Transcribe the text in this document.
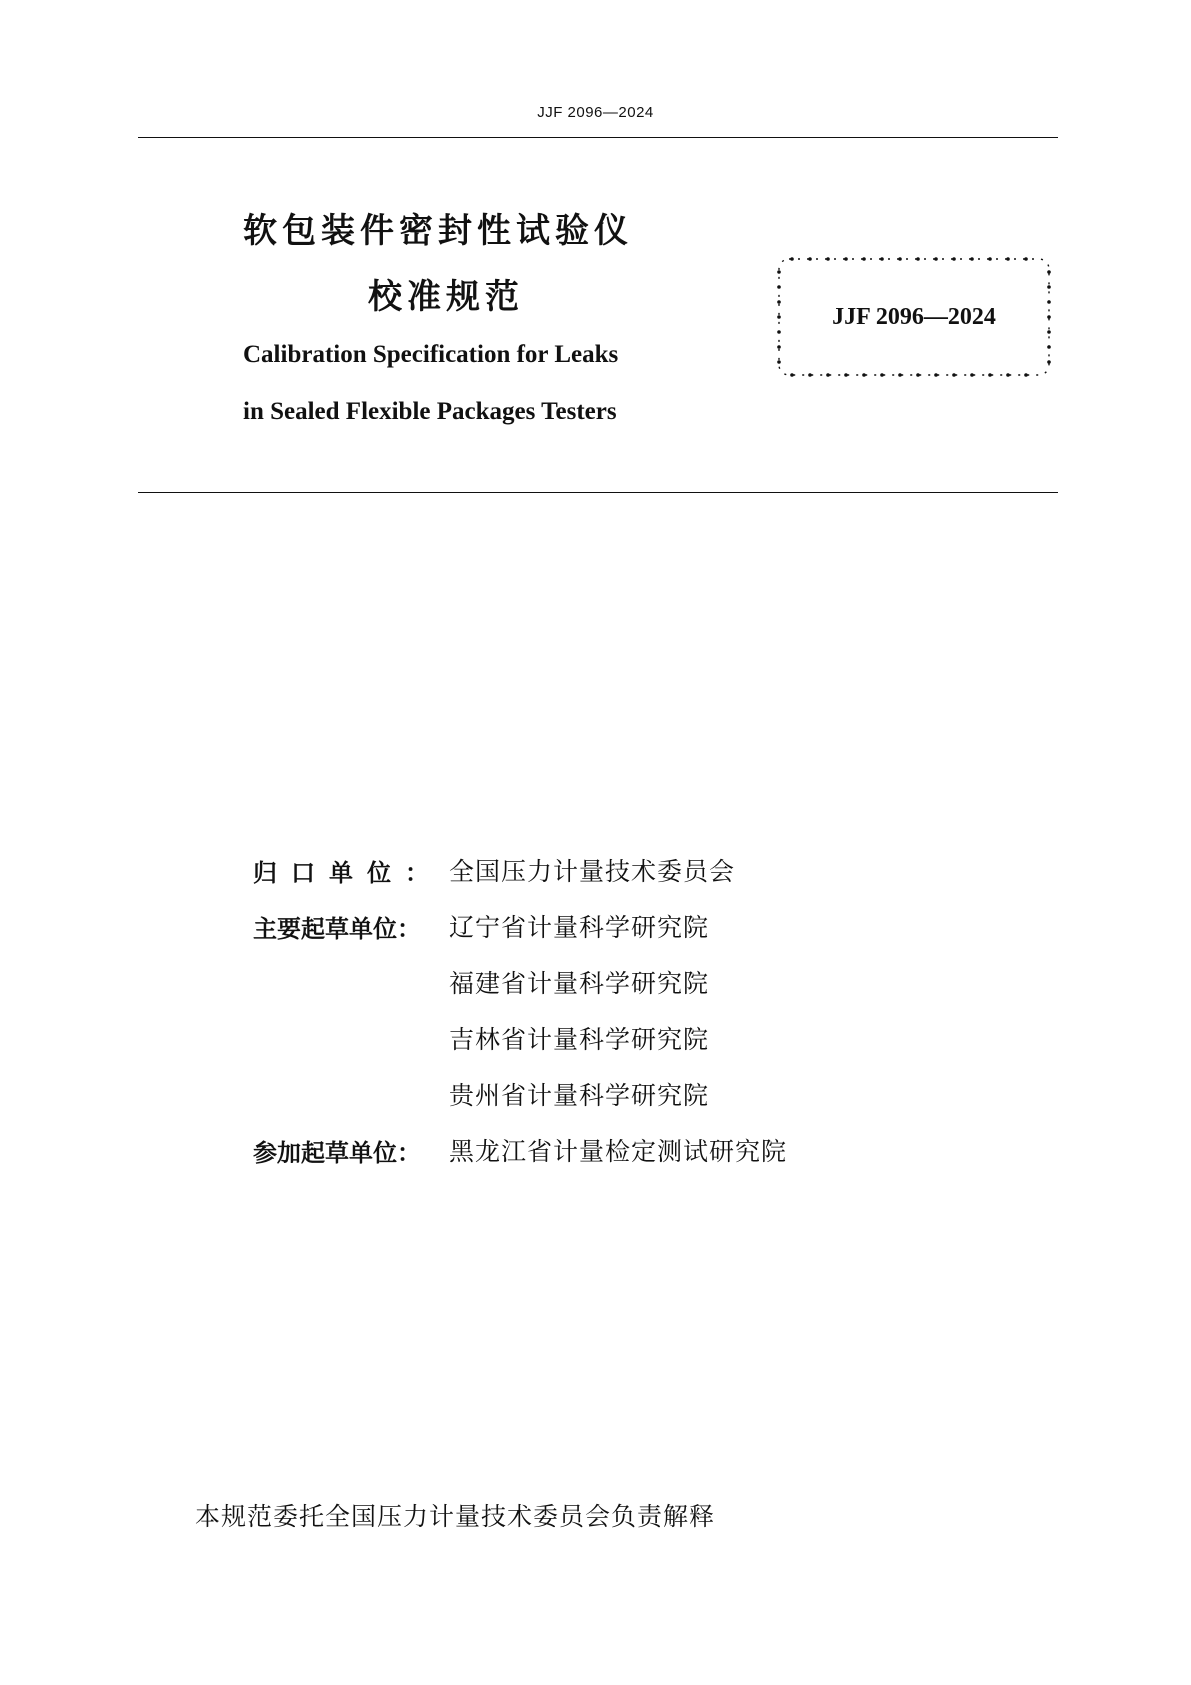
JJF 2096—2024
软包装件密封性试验仪
校准规范
Calibration Specification for Leaks
in Sealed Flexible Packages Testers
JJF 2096—2024
归口单位： 全国压力计量技术委员会
主要起草单位：	辽宁省计量科学研究院
福建省计量科学研究院
吉林省计量科学研究院
贵州省计量科学研究院
参加起草单位：	黑龙江省计量检定测试研究院
本规范委托全国压力计量技术委员会负责解释
